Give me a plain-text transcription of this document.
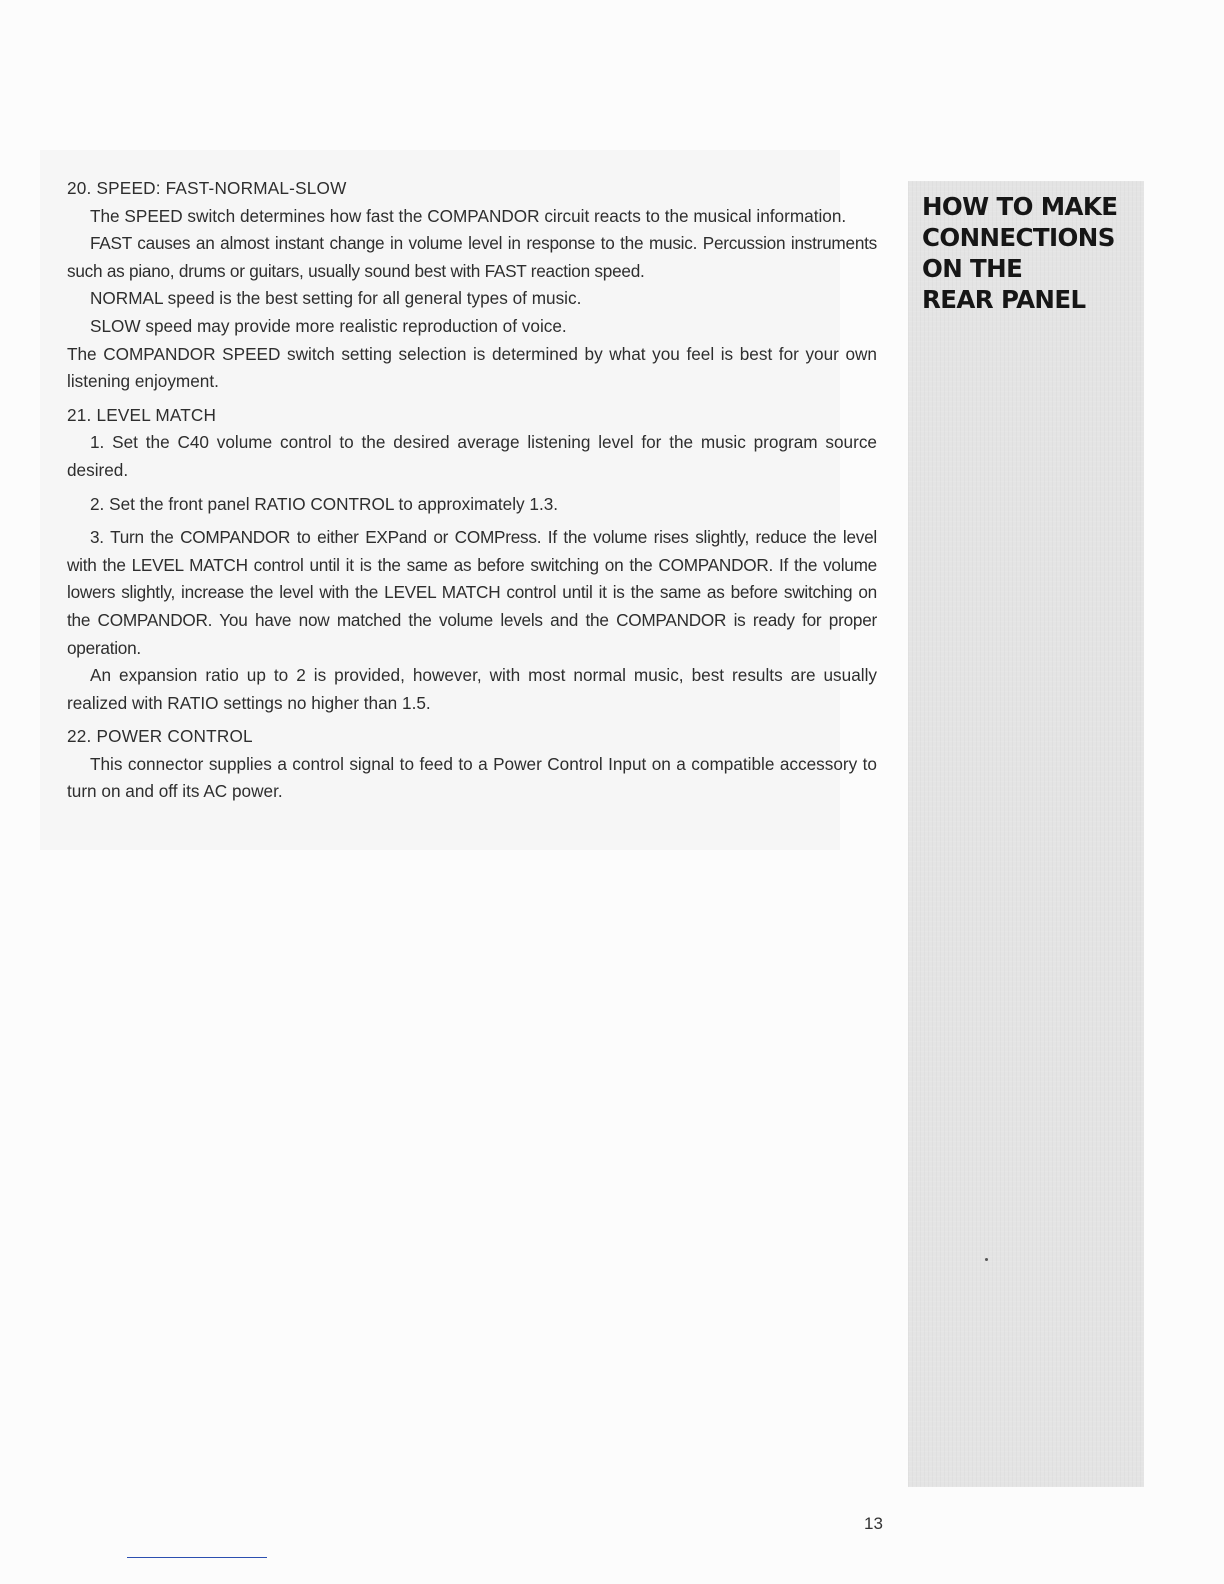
20. SPEED: FAST-NORMAL-SLOW

The SPEED switch determines how fast the COMPANDOR circuit reacts to the musical information.

FAST causes an almost instant change in volume level in response to the music. Percussion instruments such as piano, drums or guitars, usually sound best with FAST reaction speed.

NORMAL speed is the best setting for all general types of music.

SLOW speed may provide more realistic reproduction of voice.

The COMPANDOR SPEED switch setting selection is determined by what you feel is best for your own listening enjoyment.

21. LEVEL MATCH

1. Set the C40 volume control to the desired average listening level for the music program source desired.

2. Set the front panel RATIO CONTROL to approximately 1.3.

3. Turn the COMPANDOR to either EXPand or COMPress. If the volume rises slightly, reduce the level with the LEVEL MATCH control until it is the same as before switching on the COMPANDOR. If the volume lowers slightly, increase the level with the LEVEL MATCH control until it is the same as before switching on the COMPANDOR. You have now matched the volume levels and the COMPANDOR is ready for proper operation.

An expansion ratio up to 2 is provided, however, with most normal music, best results are usually realized with RATIO settings no higher than 1.5.

22. POWER CONTROL

This connector supplies a control signal to feed to a Power Control Input on a compatible accessory to turn on and off its AC power.

HOW TO MAKE
CONNECTIONS
ON THE
REAR PANEL
13
